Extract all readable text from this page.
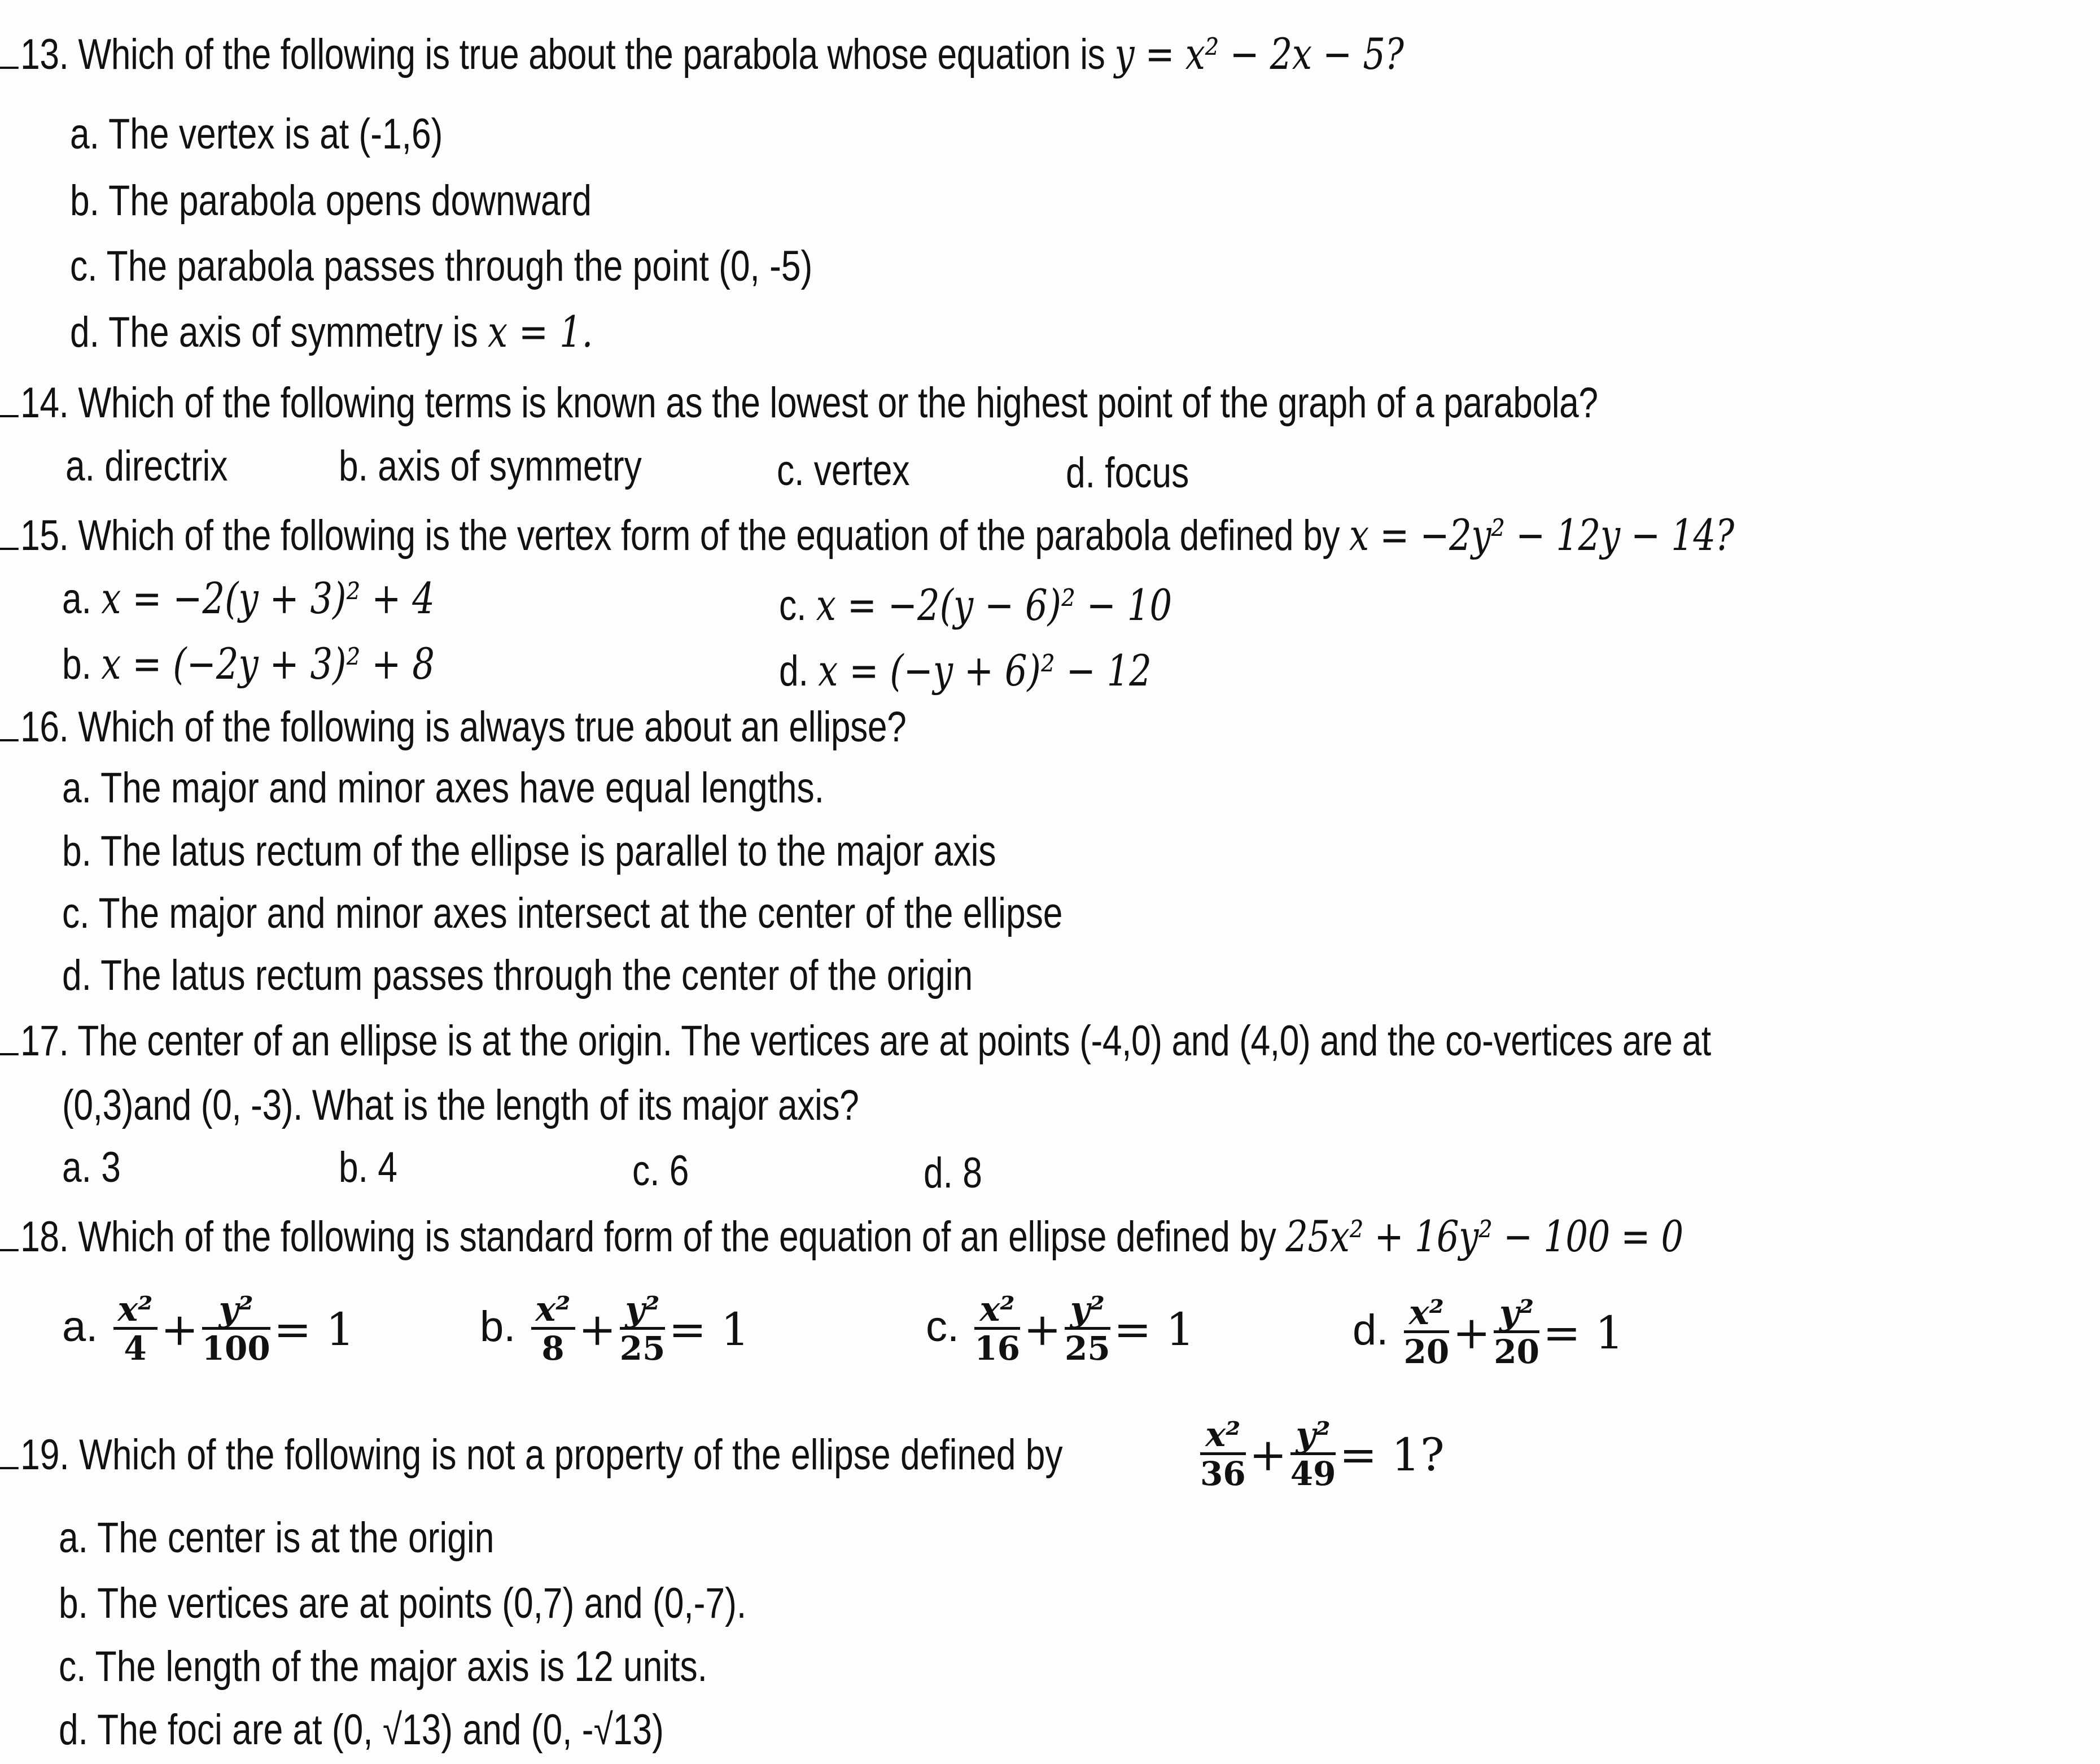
13. Which of the following is true about the parabola whose equation is y = x² − 2x − 5?
a. The vertex is at (-1,6)
b. The parabola opens downward
c. The parabola passes through the point (0, -5)
d. The axis of symmetry is x = 1.
14. Which of the following terms is known as the lowest or the highest point of the graph of a parabola?
a. directrix	b. axis of symmetry	c. vertex	d. focus
15. Which of the following is the vertex form of the equation of the parabola defined by x = −2y² − 12y − 14?
a. x = −2(y + 3)² + 4
b. x = (−2y + 3)² + 8
c. x = −2(y − 6)² − 10
d. x = (−y + 6)² − 12
16. Which of the following is always true about an ellipse?
a. The major and minor axes have equal lengths.
b. The latus rectum of the ellipse is parallel to the major axis
c. The major and minor axes intersect at the center of the ellipse
d. The latus rectum passes through the center of the origin
17. The center of an ellipse is at the origin. The vertices are at points (-4,0) and (4,0) and the co-vertices are at
(0,3)and (0, -3). What is the length of its major axis?
a. 3	b. 4	c. 6	d. 8
18. Which of the following is standard form of the equation of an ellipse defined by 25x² + 16y² − 100 = 0
a. $\frac{\text{x²}}{4} + \frac{\text{y²}}{100} = 1$	b. $\frac{\text{x²}}{8} + \frac{\text{y²}}{25} = 1$	c. $\frac{\text{x²}}{16} + \frac{\text{y²}}{25} = 1$	d. $\frac{\text{x²}}{20} + \frac{\text{y²}}{20} = 1$
19. Which of the following is not a property of the ellipse defined by	$\frac{\text{x²}}{36} + \frac{\text{y²}}{49} = 1$?
a. The center is at the origin
b. The vertices are at points (0,7) and (0,-7).
c. The length of the major axis is 12 units.
d. The foci are at (0, √13) and (0, -√13)
